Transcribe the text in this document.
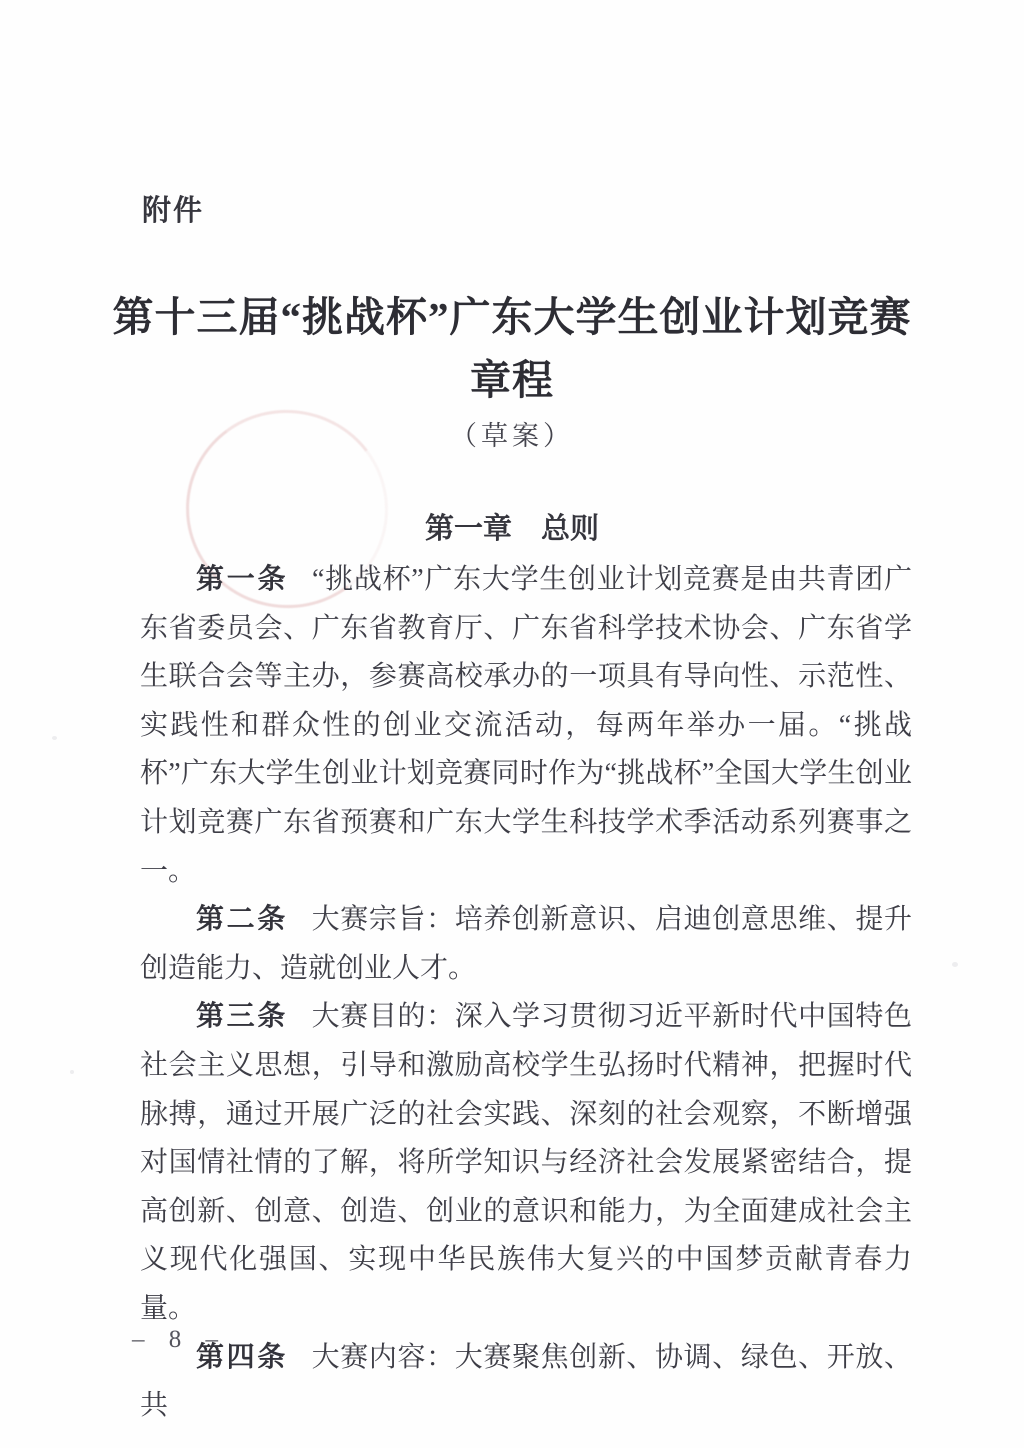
附件
第十三届“挑战杯”广东大学生创业计划竞赛
章程
（草案）
第一章　总则

第一条 “挑战杯”广东大学生创业计划竞赛是由共青团广东省委员会、广东省教育厅、广东省科学技术协会、广东省学生联合会等主办，参赛高校承办的一项具有导向性、示范性、实践性和群众性的创业交流活动，每两年举办一届。“挑战杯”广东大学生创业计划竞赛同时作为“挑战杯”全国大学生创业计划竞赛广东省预赛和广东大学生科技学术季活动系列赛事之一。

第二条 大赛宗旨：培养创新意识、启迪创意思维、提升创造能力、造就创业人才。

第三条 大赛目的：深入学习贯彻习近平新时代中国特色社会主义思想，引导和激励高校学生弘扬时代精神，把握时代脉搏，通过开展广泛的社会实践、深刻的社会观察，不断增强对国情社情的了解，将所学知识与经济社会发展紧密结合，提高创新、创意、创造、创业的意识和能力，为全面建成社会主义现代化强国、实现中华民族伟大复兴的中国梦贡献青春力量。

第四条 大赛内容：大赛聚焦创新、协调、绿色、开放、共

– 8 –
